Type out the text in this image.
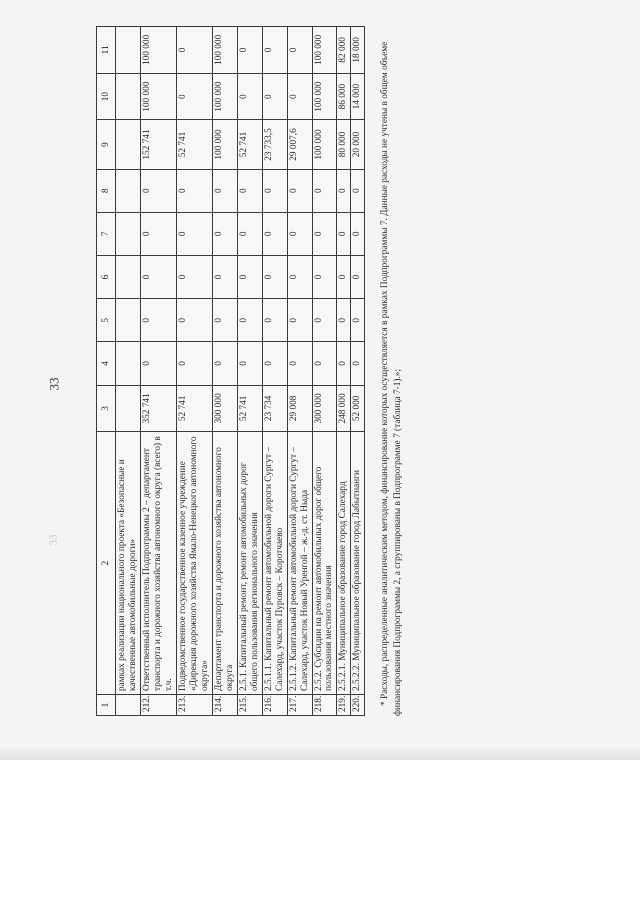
33
33
1	2	3	4	5	6	7	8	9	10	11
	рамках реализации национального проекта «Безопасные и качественные автомобильные дороги»									
212.	Ответственный исполнитель Подпрограммы 2 – департамент транспорта и дорожного хозяйства автономного округа (всего) в т.ч.	352 741	0	0	0	0	0	152 741	100 000	100 000
213.	Подведомственное государственное казенное учреждение «Дирекция дорожного хозяйства Ямало-Ненецкого автономного округа»	52 741	0	0	0	0	0	52 741	0	0
214.	Департамент транспорта и дорожного хозяйства автономного округа	300 000	0	0	0	0	0	100 000	100 000	100 000
215.	2.5.1. Капитальный ремонт, ремонт автомобильных дорог общего пользования регионального значения	52 741	0	0	0	0	0	52 741	0	0
216.	2.5.1.1. Капитальный ремонт автомобильной дороги Сургут – Салехард, участок Пуровск – Коротчаево	23 734	0	0	0	0	0	23 733,5	0	0
217.	2.5.1.2. Капитальный ремонт автомобильной дороги Сургут – Салехард, участок Новый Уренгой – ж.-д. ст. Ныда	29 008	0	0	0	0	0	29 007,6	0	0
218.	2.5.2. Субсидии на ремонт автомобильных дорог общего пользования местного значения	300 000	0	0	0	0	0	100 000	100 000	100 000
219.	2.5.2.1. Муниципальное образование город Салехард	248 000	0	0	0	0	0	80 000	86 000	82 000
220.	2.5.2.2. Муниципальное образование город Лабытнанги	52 000	0	0	0	0	0	20 000	14 000	18 000 * Расходы, распределенные аналитическим методом, финансирование которых осуществляется в рамках Подпрограммы 7. Данные расходы не учтены в общем объеме финансирования Подпрограммы 2, а сгруппированы в Подпрограмме 7 (таблица 7-1).»;
